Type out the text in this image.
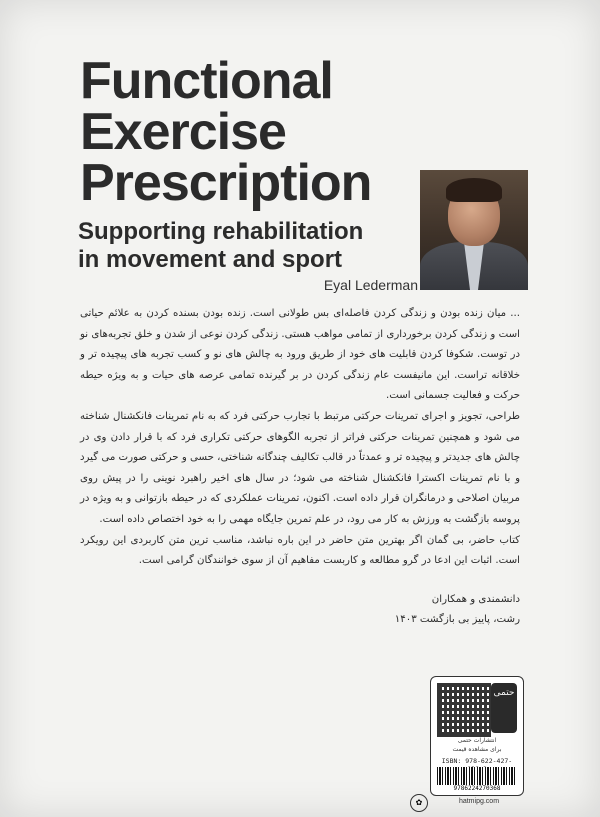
Functional
Exercise
Prescription
Supporting rehabilitation
in movement and sport
Eyal Lederman

... میان زنده بودن و زندگی کردن فاصله‌ای بس طولانی است. زنده بودن بسنده کردن به علائم حیاتی است و زندگی کردن برخورداری از تمامی مواهب هستی. زندگی کردن نوعی از شدن و خلق تجربه‌های نو در توست. شکوفا کردن قابلیت های خود از طریق ورود به چالش های نو و کسب تجربه های پیچیده تر و خلاقانه تراست. این مانیفست عام زندگی کردن در بر گیرنده تمامی عرصه های حیات و به ویژه حیطه حرکت و فعالیت جسمانی است.

طراحی، تجویز و اجرای تمرینات حرکتی مرتبط با تجارب حرکتی فرد که به نام تمرینات فانکشنال شناخته می شود و همچنین تمرینات حرکتی فراتر از تجربه الگوهای حرکتی تکراری فرد که با قرار دادن وی در چالش های جدیدتر و پیچیده تر و عمدتاً در قالب تکالیف چندگانه شناختی، حسی و حرکتی صورت می گیرد و با نام تمرینات اکسترا فانکشنال شناخته می شود؛ در سال های اخیر راهبرد نوینی را در پیش روی مربیان اصلاحی و درمانگران قرار داده است. اکنون، تمرینات عملکردی که در حیطه بازتوانی و به ویژه در پروسه بازگشت به ورزش به کار می رود، در علم تمرین جایگاه مهمی را به خود اختصاص داده است.

کتاب حاضر، بی گمان اگر بهترین متن حاضر در این باره نباشد، مناسب ترین متن کاربردی این رویکرد است. اثبات این ادعا در گرو مطالعه و کاربست مفاهیم آن از سوی خوانندگان گرامی است.

دانشمندی و همکاران
رشت، پاییز بی بازگشت ۱۴۰۳
حتمی
انتشارات حتمی
برای مشاهده قیمت
ISBN: 978-622-427-
9786224270368
✿	hatmipg.com
